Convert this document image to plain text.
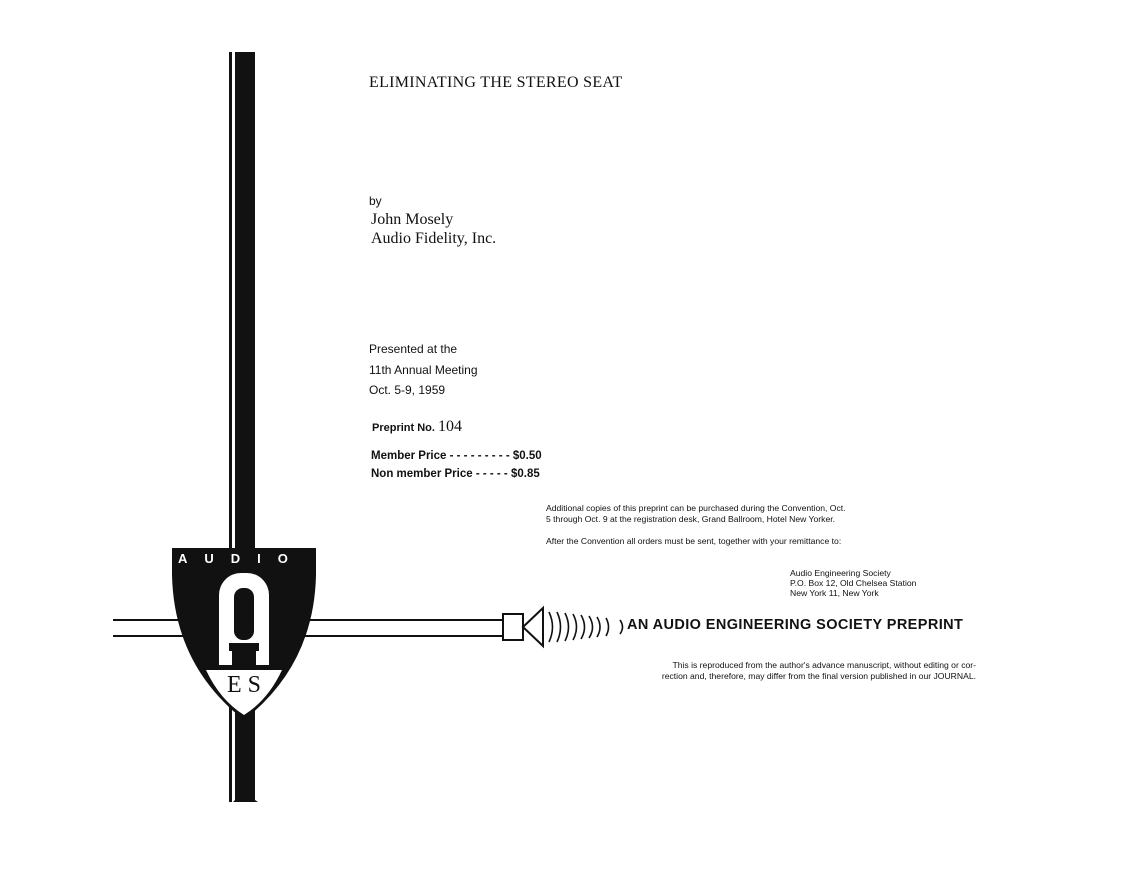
AUDIO
E S
ELIMINATING THE STEREO SEAT
by
John Mosely
Audio Fidelity, Inc.
Presented at the
11th Annual Meeting
Oct. 5-9, 1959
Preprint No. 104
Member Price - - - - - - - - - $0.50
Non member Price - - - - - $0.85
Additional copies of this preprint can be purchased during the Convention, Oct.
5 through Oct. 9 at the registration desk, Grand Ballroom, Hotel New Yorker.
After the Convention all orders must be sent, together with your remittance to:
Audio Engineering Society
P.O. Box 12, Old Chelsea Station
New York 11, New York
AN AUDIO ENGINEERING SOCIETY PREPRINT
This is reproduced from the author's advance manuscript, without editing or cor-
rection and, therefore, may differ from the final version published in our JOURNAL.
